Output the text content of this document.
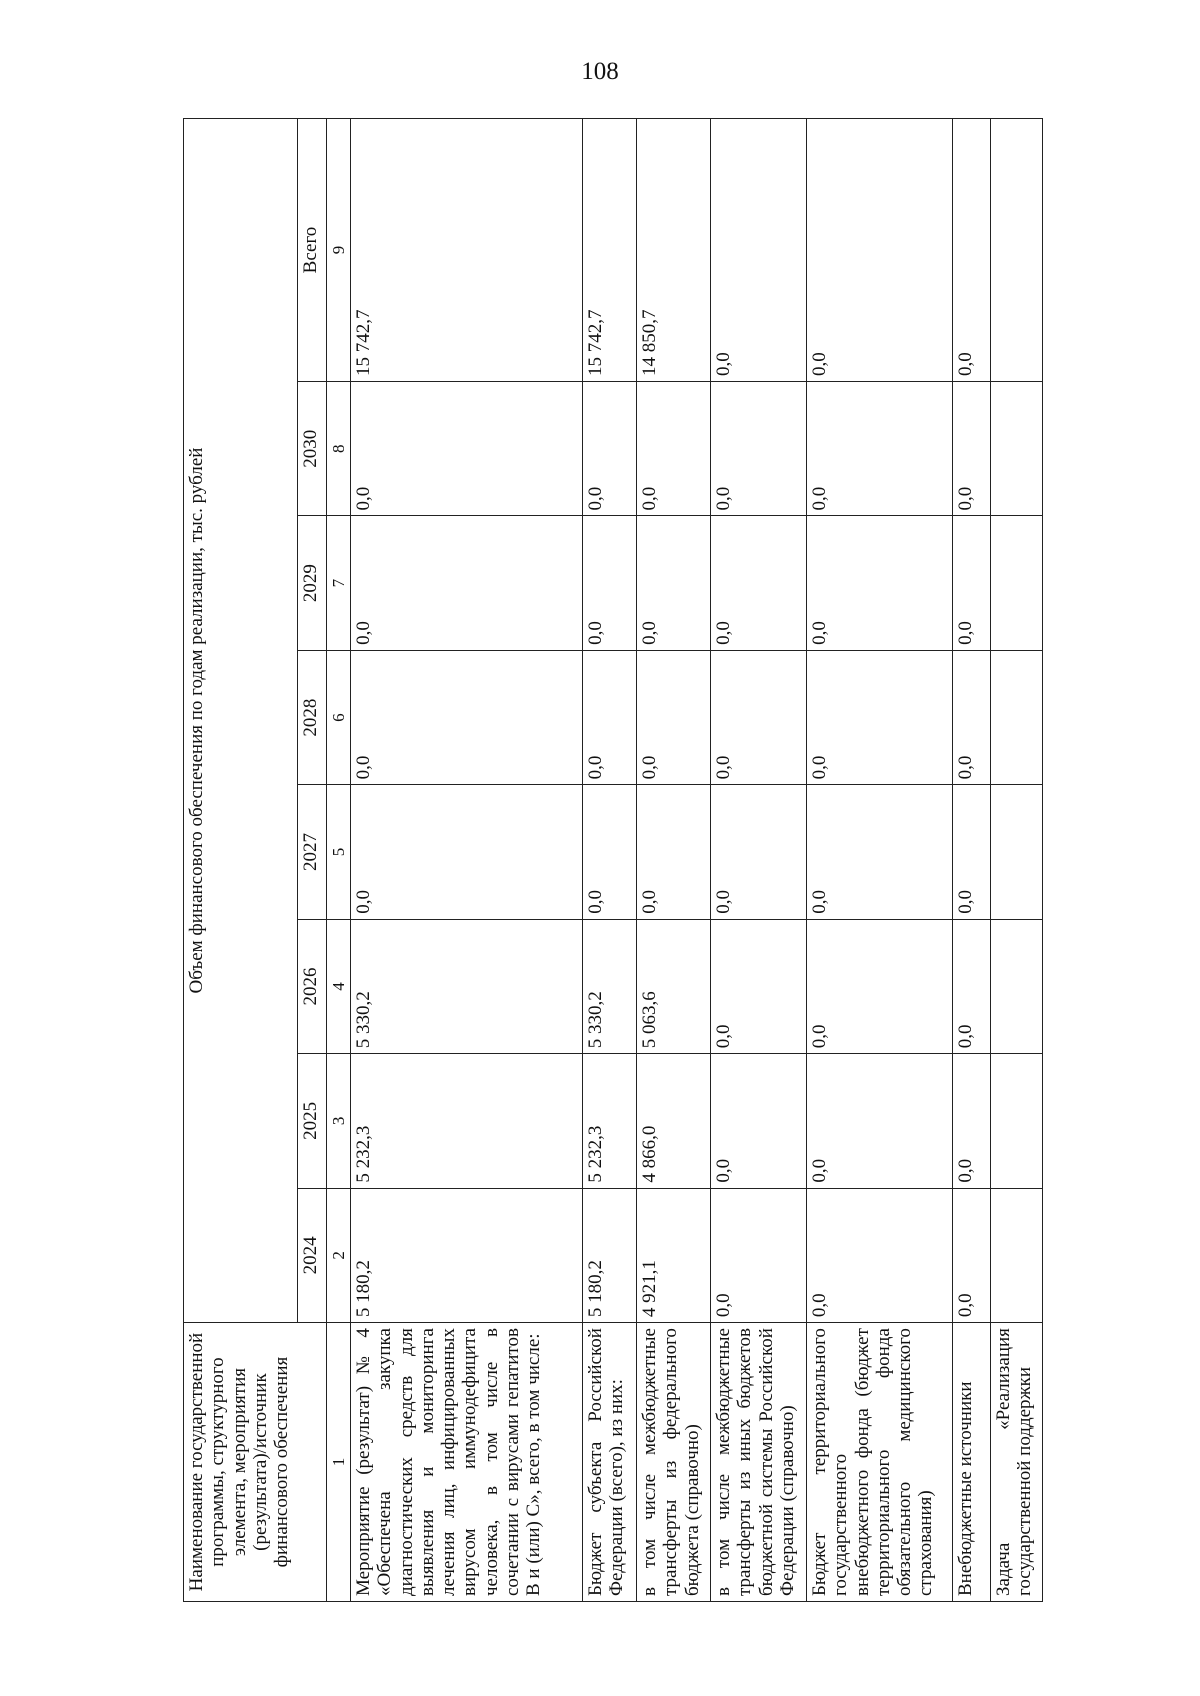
108
Наименование государственной программы, структурного элемента, мероприятия (результата)/источник финансового обеспечения	Объем финансового обеспечения по годам реализации, тыс. рублей							
	2024	2025	2026	2027	2028	2029	2030	Всего
1	2	3	4	5	6	7	8	9
Мероприятие (результат) № 4 «Обеспечена закупка диагностических средств для выявления и мониторинга лечения лиц, инфицированных вирусом иммунодефицита человека, в том числе в сочетании с вирусами гепатитов B и (или) C», всего, в том числе:	5 180,2	5 232,3	5 330,2	0,0	0,0	0,0	0,0	15 742,7
Бюджет субъекта Российской Федерации (всего), из них:	5 180,2	5 232,3	5 330,2	0,0	0,0	0,0	0,0	15 742,7
в том числе межбюджетные трансферты из федерального бюджета (справочно)	4 921,1	4 866,0	5 063,6	0,0	0,0	0,0	0,0	14 850,7
в том числе межбюджетные трансферты из иных бюджетов бюджетной системы Российской Федерации (справочно)	0,0	0,0	0,0	0,0	0,0	0,0	0,0	0,0
Бюджет территориального государственного внебюджетного фонда (бюджет территориального фонда обязательного медицинского страхования)	0,0	0,0	0,0	0,0	0,0	0,0	0,0	0,0
Внебюджетные источники	0,0	0,0	0,0	0,0	0,0	0,0	0,0	0,0
Задача «Реализация государственной поддержки								
